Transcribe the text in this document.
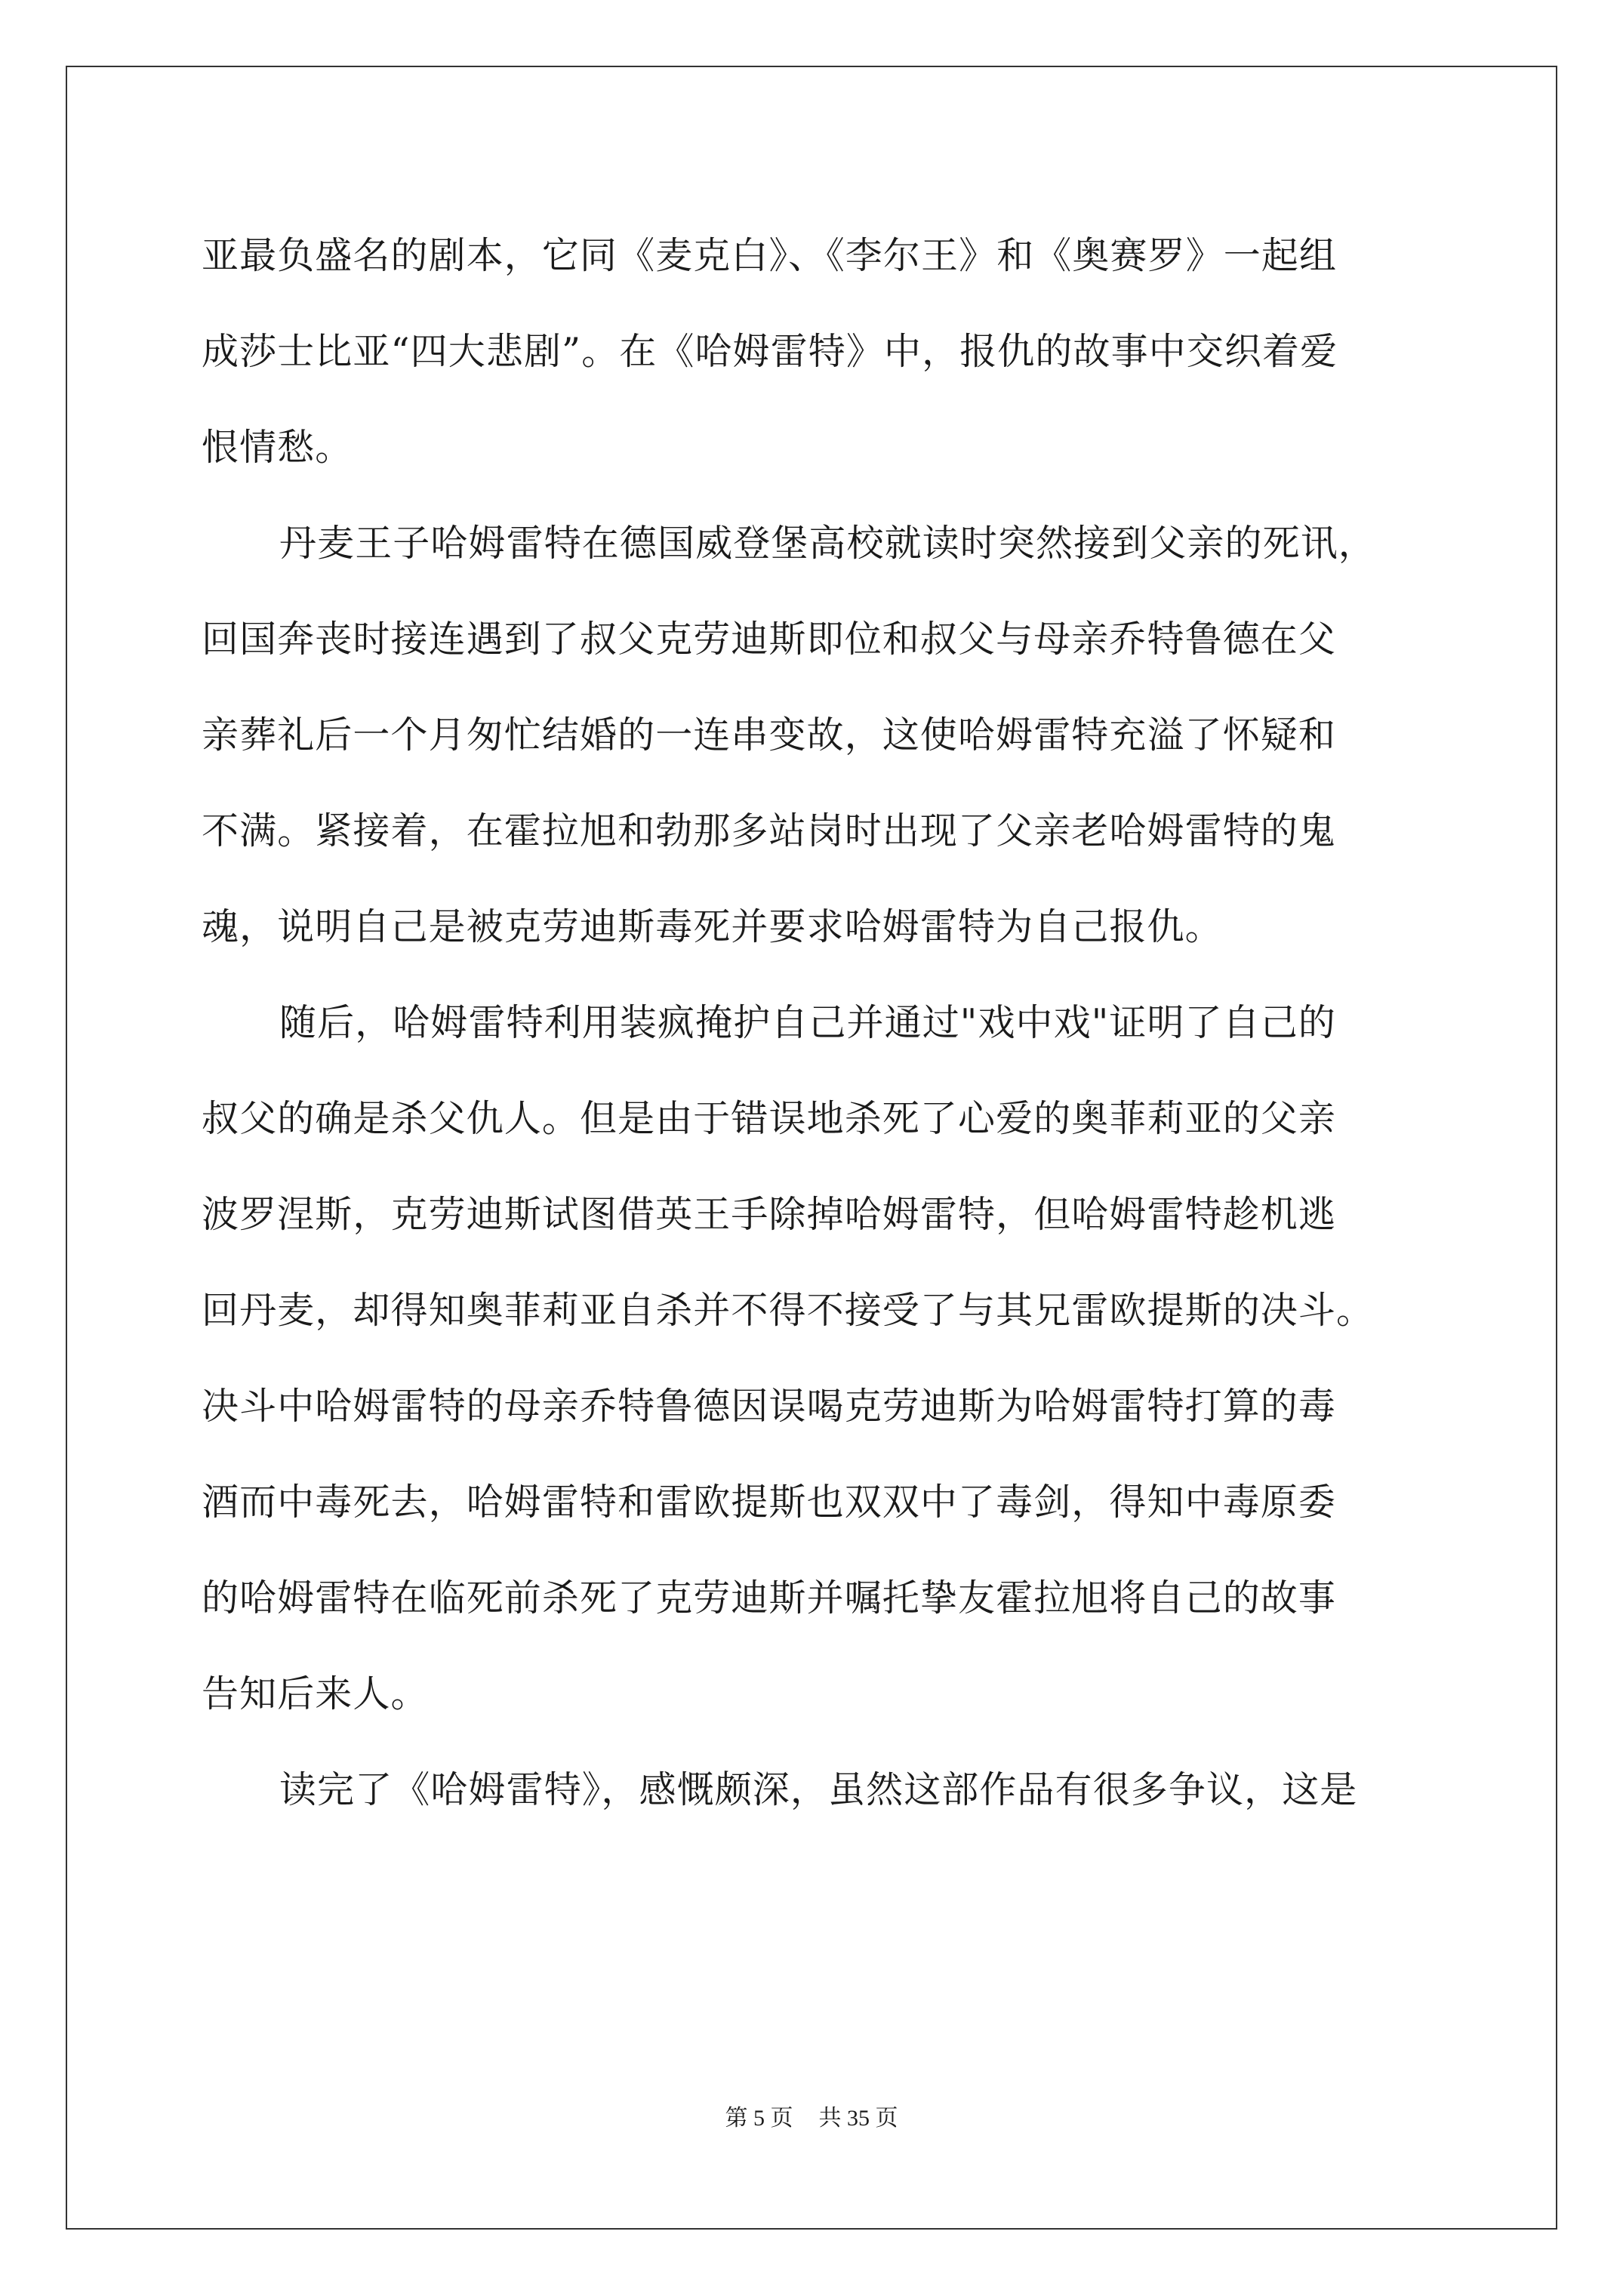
亚最负盛名的剧本，它同《麦克白》、《李尔王》和《奥赛罗》一起组
成莎士比亚“四大悲剧”。在《哈姆雷特》中，报仇的故事中交织着爱
恨情愁。
丹麦王子哈姆雷特在德国威登堡高校就读时突然接到父亲的死讯，
回国奔丧时接连遇到了叔父克劳迪斯即位和叔父与母亲乔特鲁德在父
亲葬礼后一个月匆忙结婚的一连串变故，这使哈姆雷特充溢了怀疑和
不满。紧接着，在霍拉旭和勃那多站岗时出现了父亲老哈姆雷特的鬼
魂，说明自己是被克劳迪斯毒死并要求哈姆雷特为自己报仇。
随后，哈姆雷特利用装疯掩护自己并通过"戏中戏"证明了自己的
叔父的确是杀父仇人。但是由于错误地杀死了心爱的奥菲莉亚的父亲
波罗涅斯，克劳迪斯试图借英王手除掉哈姆雷特，但哈姆雷特趁机逃
回丹麦，却得知奥菲莉亚自杀并不得不接受了与其兄雷欧提斯的决斗。
决斗中哈姆雷特的母亲乔特鲁德因误喝克劳迪斯为哈姆雷特打算的毒
酒而中毒死去，哈姆雷特和雷欧提斯也双双中了毒剑，得知中毒原委
的哈姆雷特在临死前杀死了克劳迪斯并嘱托挚友霍拉旭将自己的故事
告知后来人。
读完了《哈姆雷特》，感慨颇深，虽然这部作品有很多争议，这是
第 5 页 共 35 页
